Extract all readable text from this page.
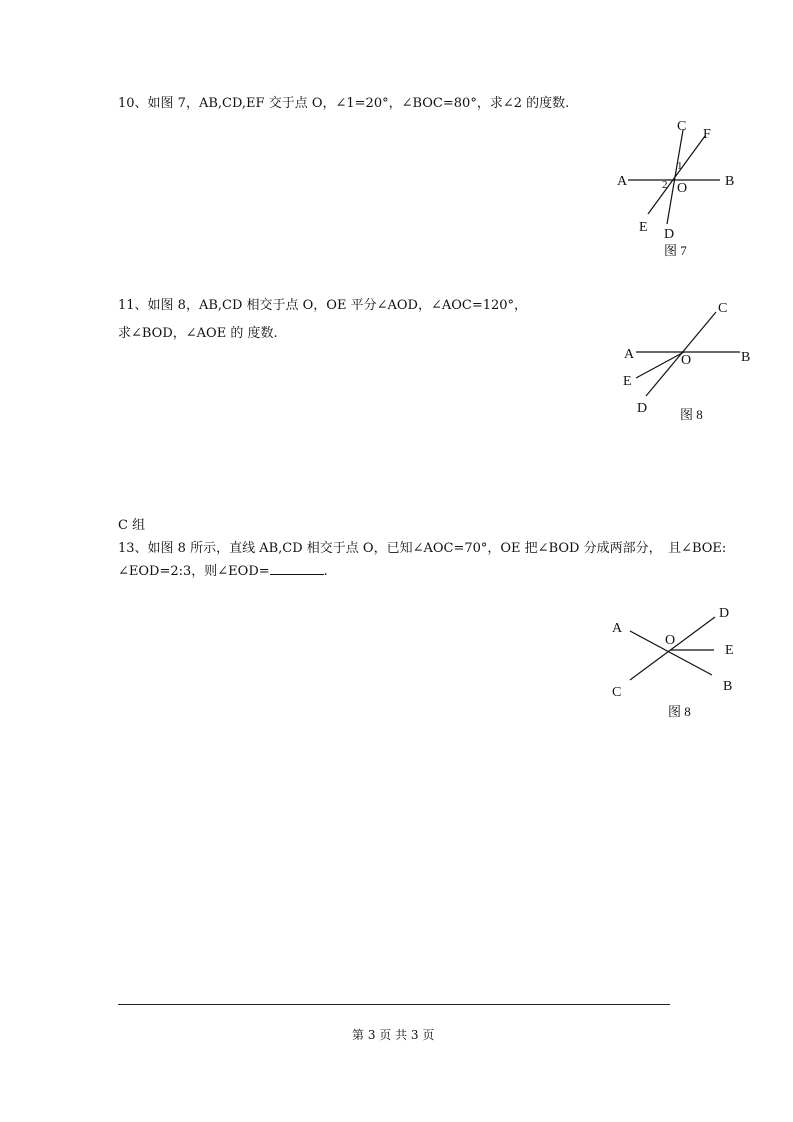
10、如图 7，AB,CD,EF 交于点 O，∠1=20°，∠BOC=80°，求∠2 的度数.
A	B
C
F
O
E D
1
2
图 7
11、如图 8，AB,CD 相交于点 O，OE 平分∠AOD，∠AOC=120°，
求∠BOD，∠AOE 的 度数.
A	B
C
O
E
D	图 8
C 组
13、如图 8 所示，直线 AB,CD 相交于点 O，已知∠AOC=70°，OE 把∠BOD 分成两部分，　且∠BOE:
∠EOD=2:3，则∠EOD=	.
A
D
O
E
C	B
图 8
第 3 页 共 3 页
